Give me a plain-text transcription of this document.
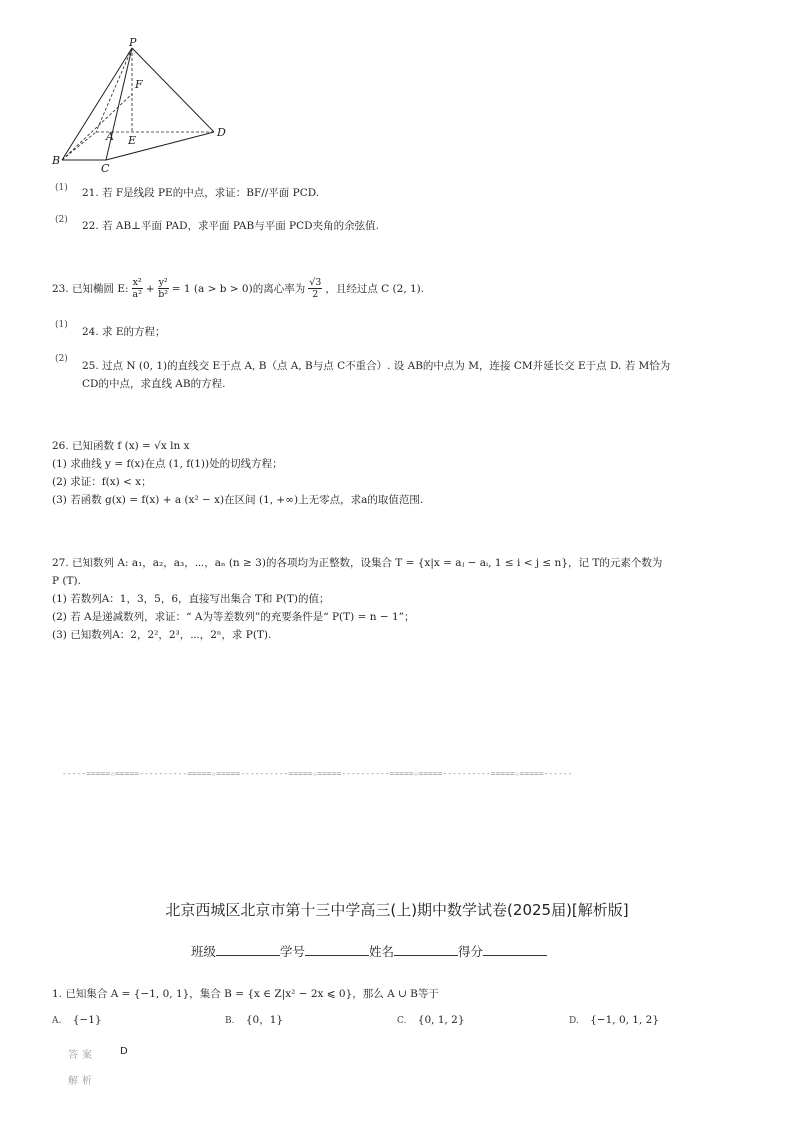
P
F
A E
D
B
C
(1) 21. 若 F是线段 PE的中点，求证：BF//平面 PCD.
(2) 22. 若 AB⊥平面 PAD，求平面 PAB与平面 PCD夹角的余弦值.
23. 已知椭圆 E: $\frac{\text{x²}}{\text{a²}} + \frac{\text{y²}}{\text{b²}} = 1$ (a > b > 0)的离心率为 $\frac{√3}{2}$ ，且经过点 C (2, 1).
(1)
24. 求 E的方程；
(2)
25. 过点 N (0, 1)的直线交 E于点 A, B（点 A, B与点 C不重合）. 设 AB的中点为 M，连接 CM并延长交 E于点 D. 若 M恰为
CD的中点，求直线 AB的方程.
26. 已知函数 f (x) = √x ln x
(1) 求曲线 y = f(x)在点 (1, f(1))处的切线方程；
(2) 求证：f(x) < x；
(3) 若函数 g(x) = f(x) + a (x² − x)在区间 (1, +∞)上无零点，求a的取值范围.
27. 已知数列 A: a₁，a₂，a₃，⋯，aₙ (n ≥ 3)的各项均为正整数，设集合 T = {x|x = aⱼ − aᵢ, 1 ≤ i < j ≤ n}，记 T的元素个数为
P (T).
(1) 若数列A：1，3，5，6，直接写出集合 T和 P(T)的值；
(2) 若 A是递减数列，求证：“ A为等差数列”的充要条件是“ P(T) = n − 1”；
(3) 已知数列A：2，2²，2³，⋯，2ⁿ，求 P(T).
-----=====☆=====----------=====☆=====----------=====☆=====----------=====☆=====----------=====☆=====------
北京西城区北京市第十三中学高三(上)期中数学试卷(2025届)[解析版]
班级	学号	姓名	得分
1. 已知集合 A = {−1, 0, 1}，集合 B = {x ∈ Z|x² − 2x ⩽ 0}，那么 A ∪ B等于
A. {−1}	B. {0，1}	C. {0, 1, 2}	D. {−1, 0, 1, 2}
答案 D
解析
